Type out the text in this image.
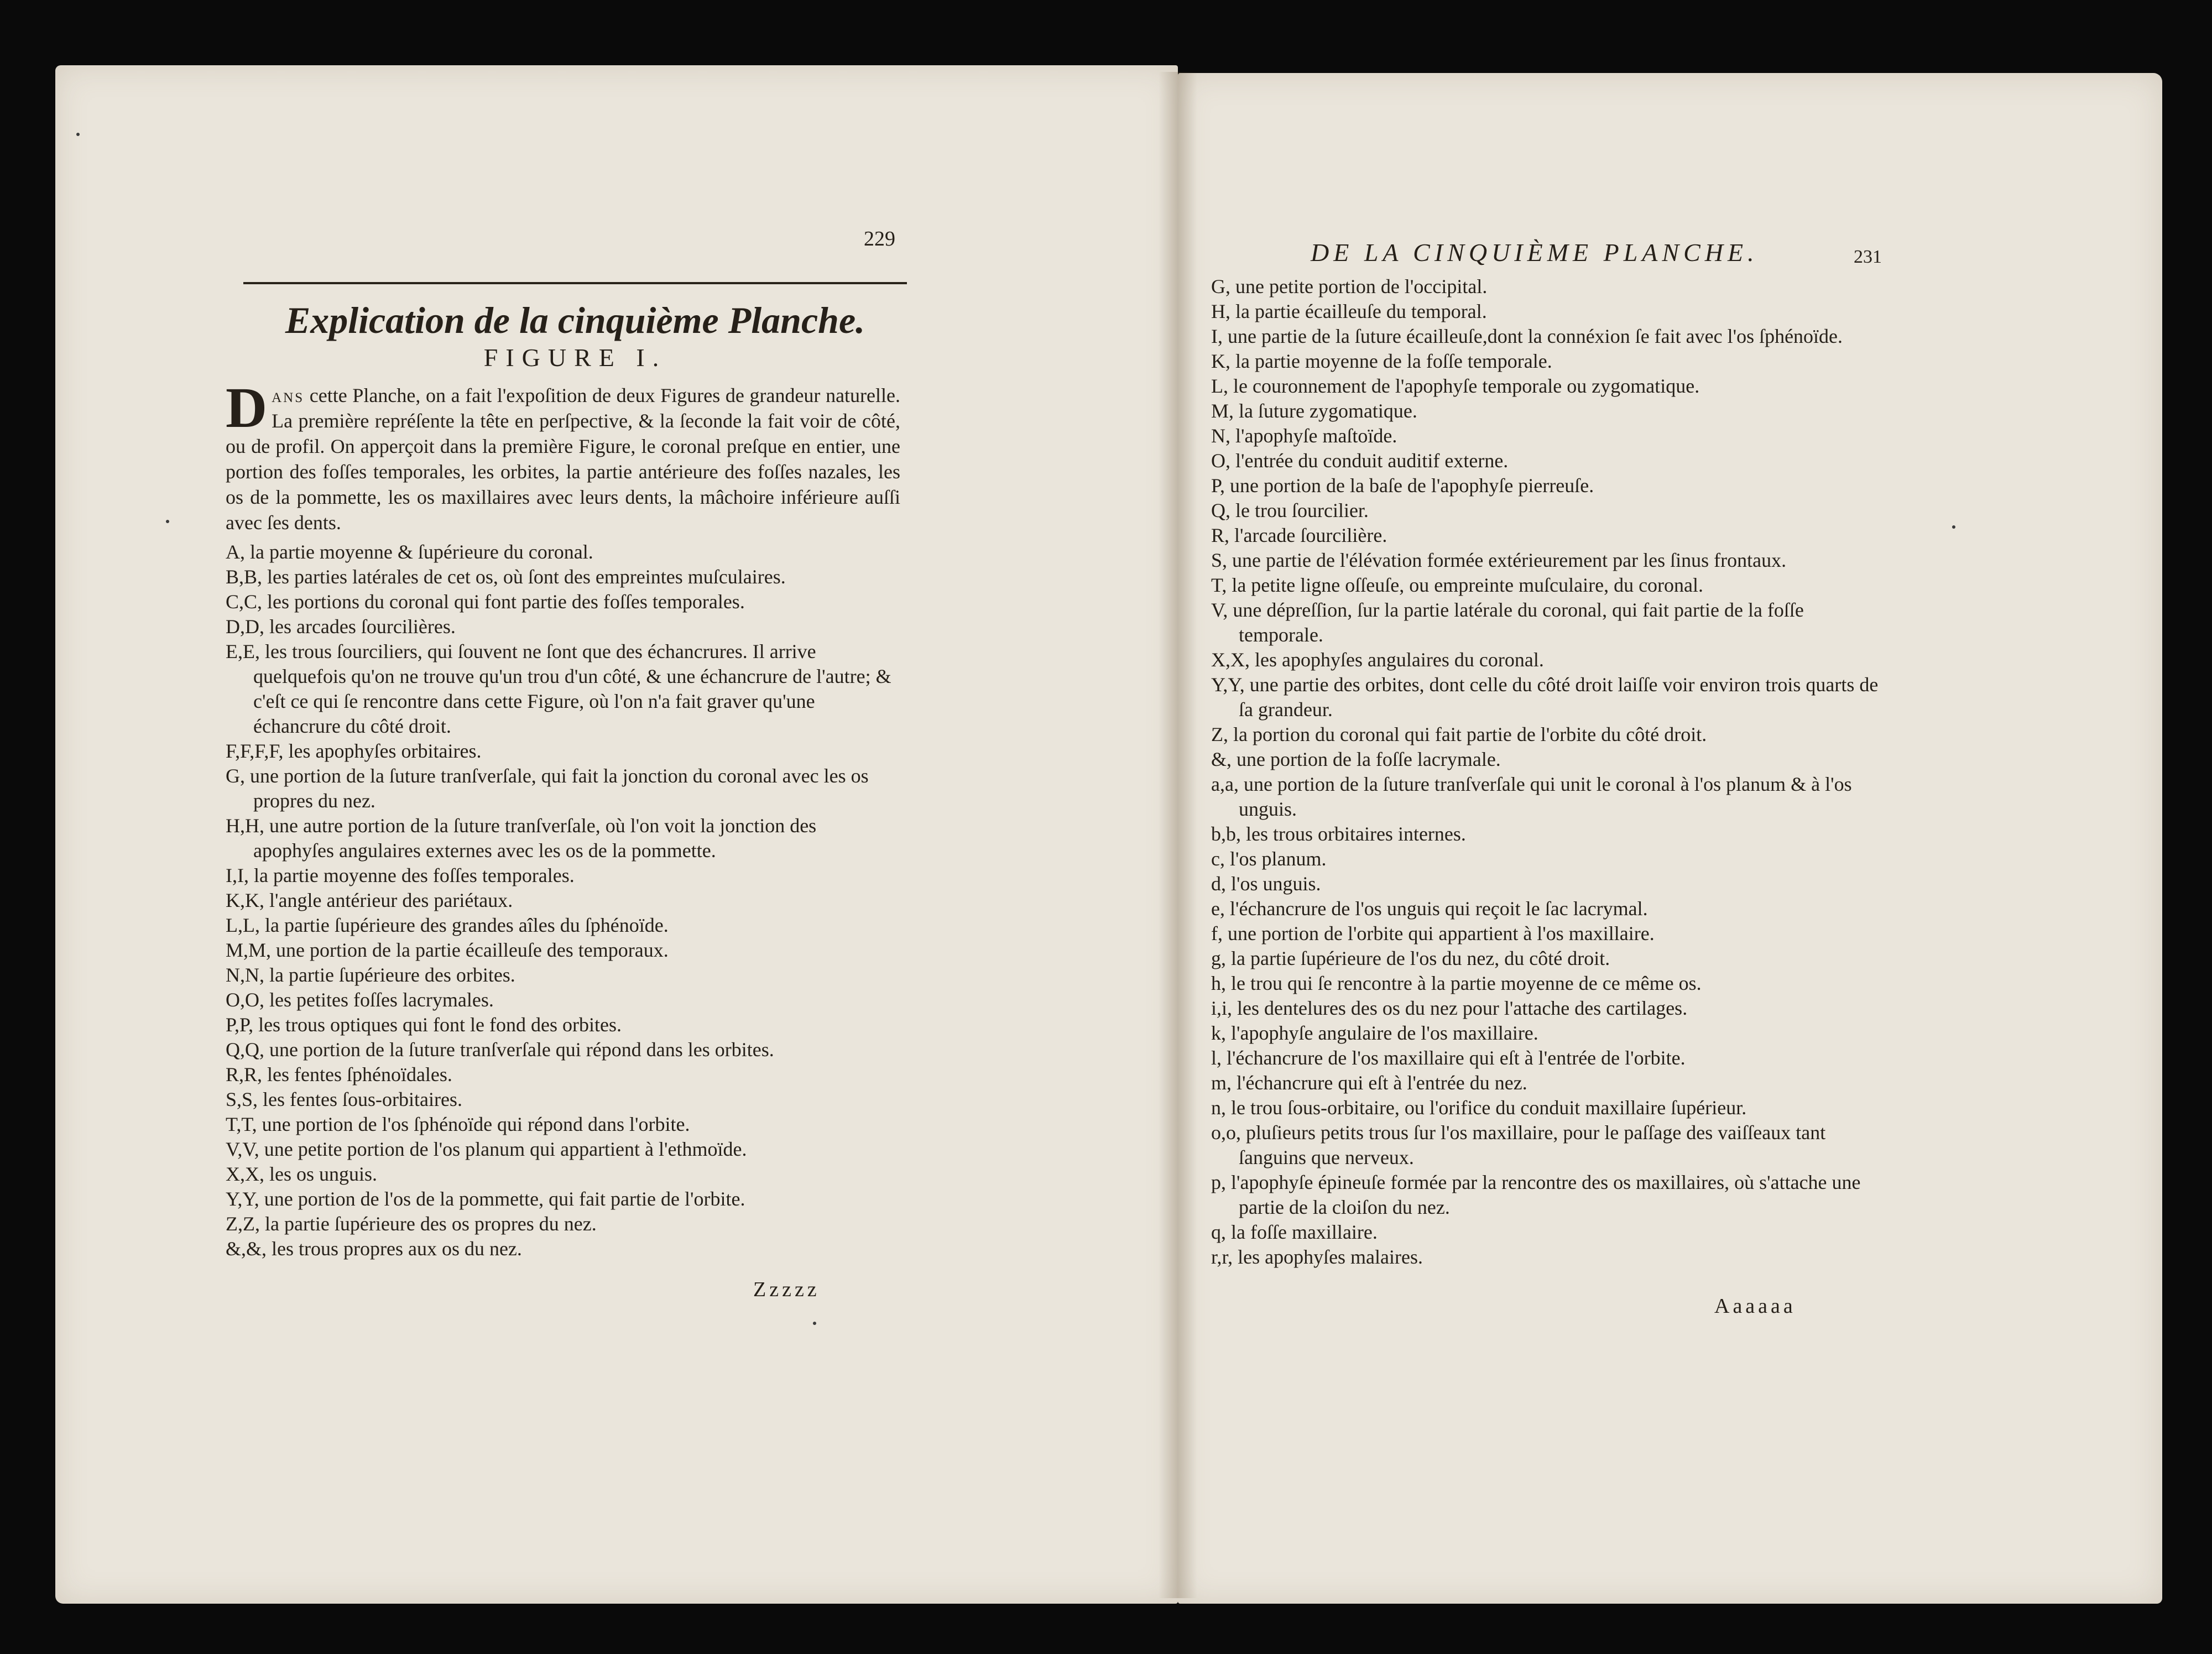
229
Explication de la cinquième Planche.
FIGURE I.
Dans cette Planche, on a fait l'expoſition de deux Figures de grandeur naturelle. La première repréſente la tête en perſpective, & la ſeconde la fait voir de côté, ou de profil. On apperçoit dans la première Figure, le coronal preſque en entier, une portion des foſſes temporales, les orbites, la partie antérieure des foſſes nazales, les os de la pommette, les os maxillaires avec leurs dents, la mâchoire inférieure auſſi avec ſes dents.

A, la partie moyenne & ſupérieure du coronal.

B,B, les parties latérales de cet os, où ſont des empreintes muſculaires.

C,C, les portions du coronal qui font partie des foſſes temporales.

D,D, les arcades ſourcilières.

E,E, les trous ſourciliers, qui ſouvent ne ſont que des échancrures. Il arrive quelquefois qu'on ne trouve qu'un trou d'un côté, & une échancrure de l'autre; & c'eſt ce qui ſe rencontre dans cette Figure, où l'on n'a fait graver qu'une échancrure du côté droit.

F,F,F,F, les apophyſes orbitaires.

G, une portion de la ſuture tranſverſale, qui fait la jonction du coronal avec les os propres du nez.

H,H, une autre portion de la ſuture tranſverſale, où l'on voit la jonction des apophyſes angulaires externes avec les os de la pommette.

I,I, la partie moyenne des foſſes temporales.

K,K, l'angle antérieur des pariétaux.

L,L, la partie ſupérieure des grandes aîles du ſphénoïde.

M,M, une portion de la partie écailleuſe des temporaux.

N,N, la partie ſupérieure des orbites.

O,O, les petites foſſes lacrymales.

P,P, les trous optiques qui font le fond des orbites.

Q,Q, une portion de la ſuture tranſverſale qui répond dans les orbites.

R,R, les fentes ſphénoïdales.

S,S, les fentes ſous-orbitaires.

T,T, une portion de l'os ſphénoïde qui répond dans l'orbite.

V,V, une petite portion de l'os planum qui appartient à l'ethmoïde.

X,X, les os unguis.

Y,Y, une portion de l'os de la pommette, qui fait partie de l'orbite.

Z,Z, la partie ſupérieure des os propres du nez.

&,&, les trous propres aux os du nez.

Zzzzz
DE LA CINQUIÈME PLANCHE.	231

G, une petite portion de l'occipital.

H, la partie écailleuſe du temporal.

I, une partie de la ſuture écailleuſe,dont la connéxion ſe fait avec l'os ſphénoïde.

K, la partie moyenne de la foſſe temporale.

L, le couronnement de l'apophyſe temporale ou zygomatique.

M, la ſuture zygomatique.

N, l'apophyſe maſtoïde.

O, l'entrée du conduit auditif externe.

P, une portion de la baſe de l'apophyſe pierreuſe.

Q, le trou ſourcilier.

R, l'arcade ſourcilière.

S, une partie de l'élévation formée extérieurement par les ſinus frontaux.

T, la petite ligne oſſeuſe, ou empreinte muſculaire, du coronal.

V, une dépreſſion, ſur la partie latérale du coronal, qui fait partie de la foſſe temporale.

X,X, les apophyſes angulaires du coronal.

Y,Y, une partie des orbites, dont celle du côté droit laiſſe voir environ trois quarts de ſa grandeur.

Z, la portion du coronal qui fait partie de l'orbite du côté droit.

&, une portion de la foſſe lacrymale.

a,a, une portion de la ſuture tranſverſale qui unit le coronal à l'os planum & à l'os unguis.

b,b, les trous orbitaires internes.

c, l'os planum.

d, l'os unguis.

e, l'échancrure de l'os unguis qui reçoit le ſac lacrymal.

f, une portion de l'orbite qui appartient à l'os maxillaire.

g, la partie ſupérieure de l'os du nez, du côté droit.

h, le trou qui ſe rencontre à la partie moyenne de ce même os.

i,i, les dentelures des os du nez pour l'attache des cartilages.

k, l'apophyſe angulaire de l'os maxillaire.

l, l'échancrure de l'os maxillaire qui eſt à l'entrée de l'orbite.

m, l'échancrure qui eſt à l'entrée du nez.

n, le trou ſous-orbitaire, ou l'orifice du conduit maxillaire ſupérieur.

o,o, pluſieurs petits trous ſur l'os maxillaire, pour le paſſage des vaiſſeaux tant ſanguins que nerveux.

p, l'apophyſe épineuſe formée par la rencontre des os maxillaires, où s'attache une partie de la cloiſon du nez.

q, la foſſe maxillaire.

r,r, les apophyſes malaires.

Aaaaaa
